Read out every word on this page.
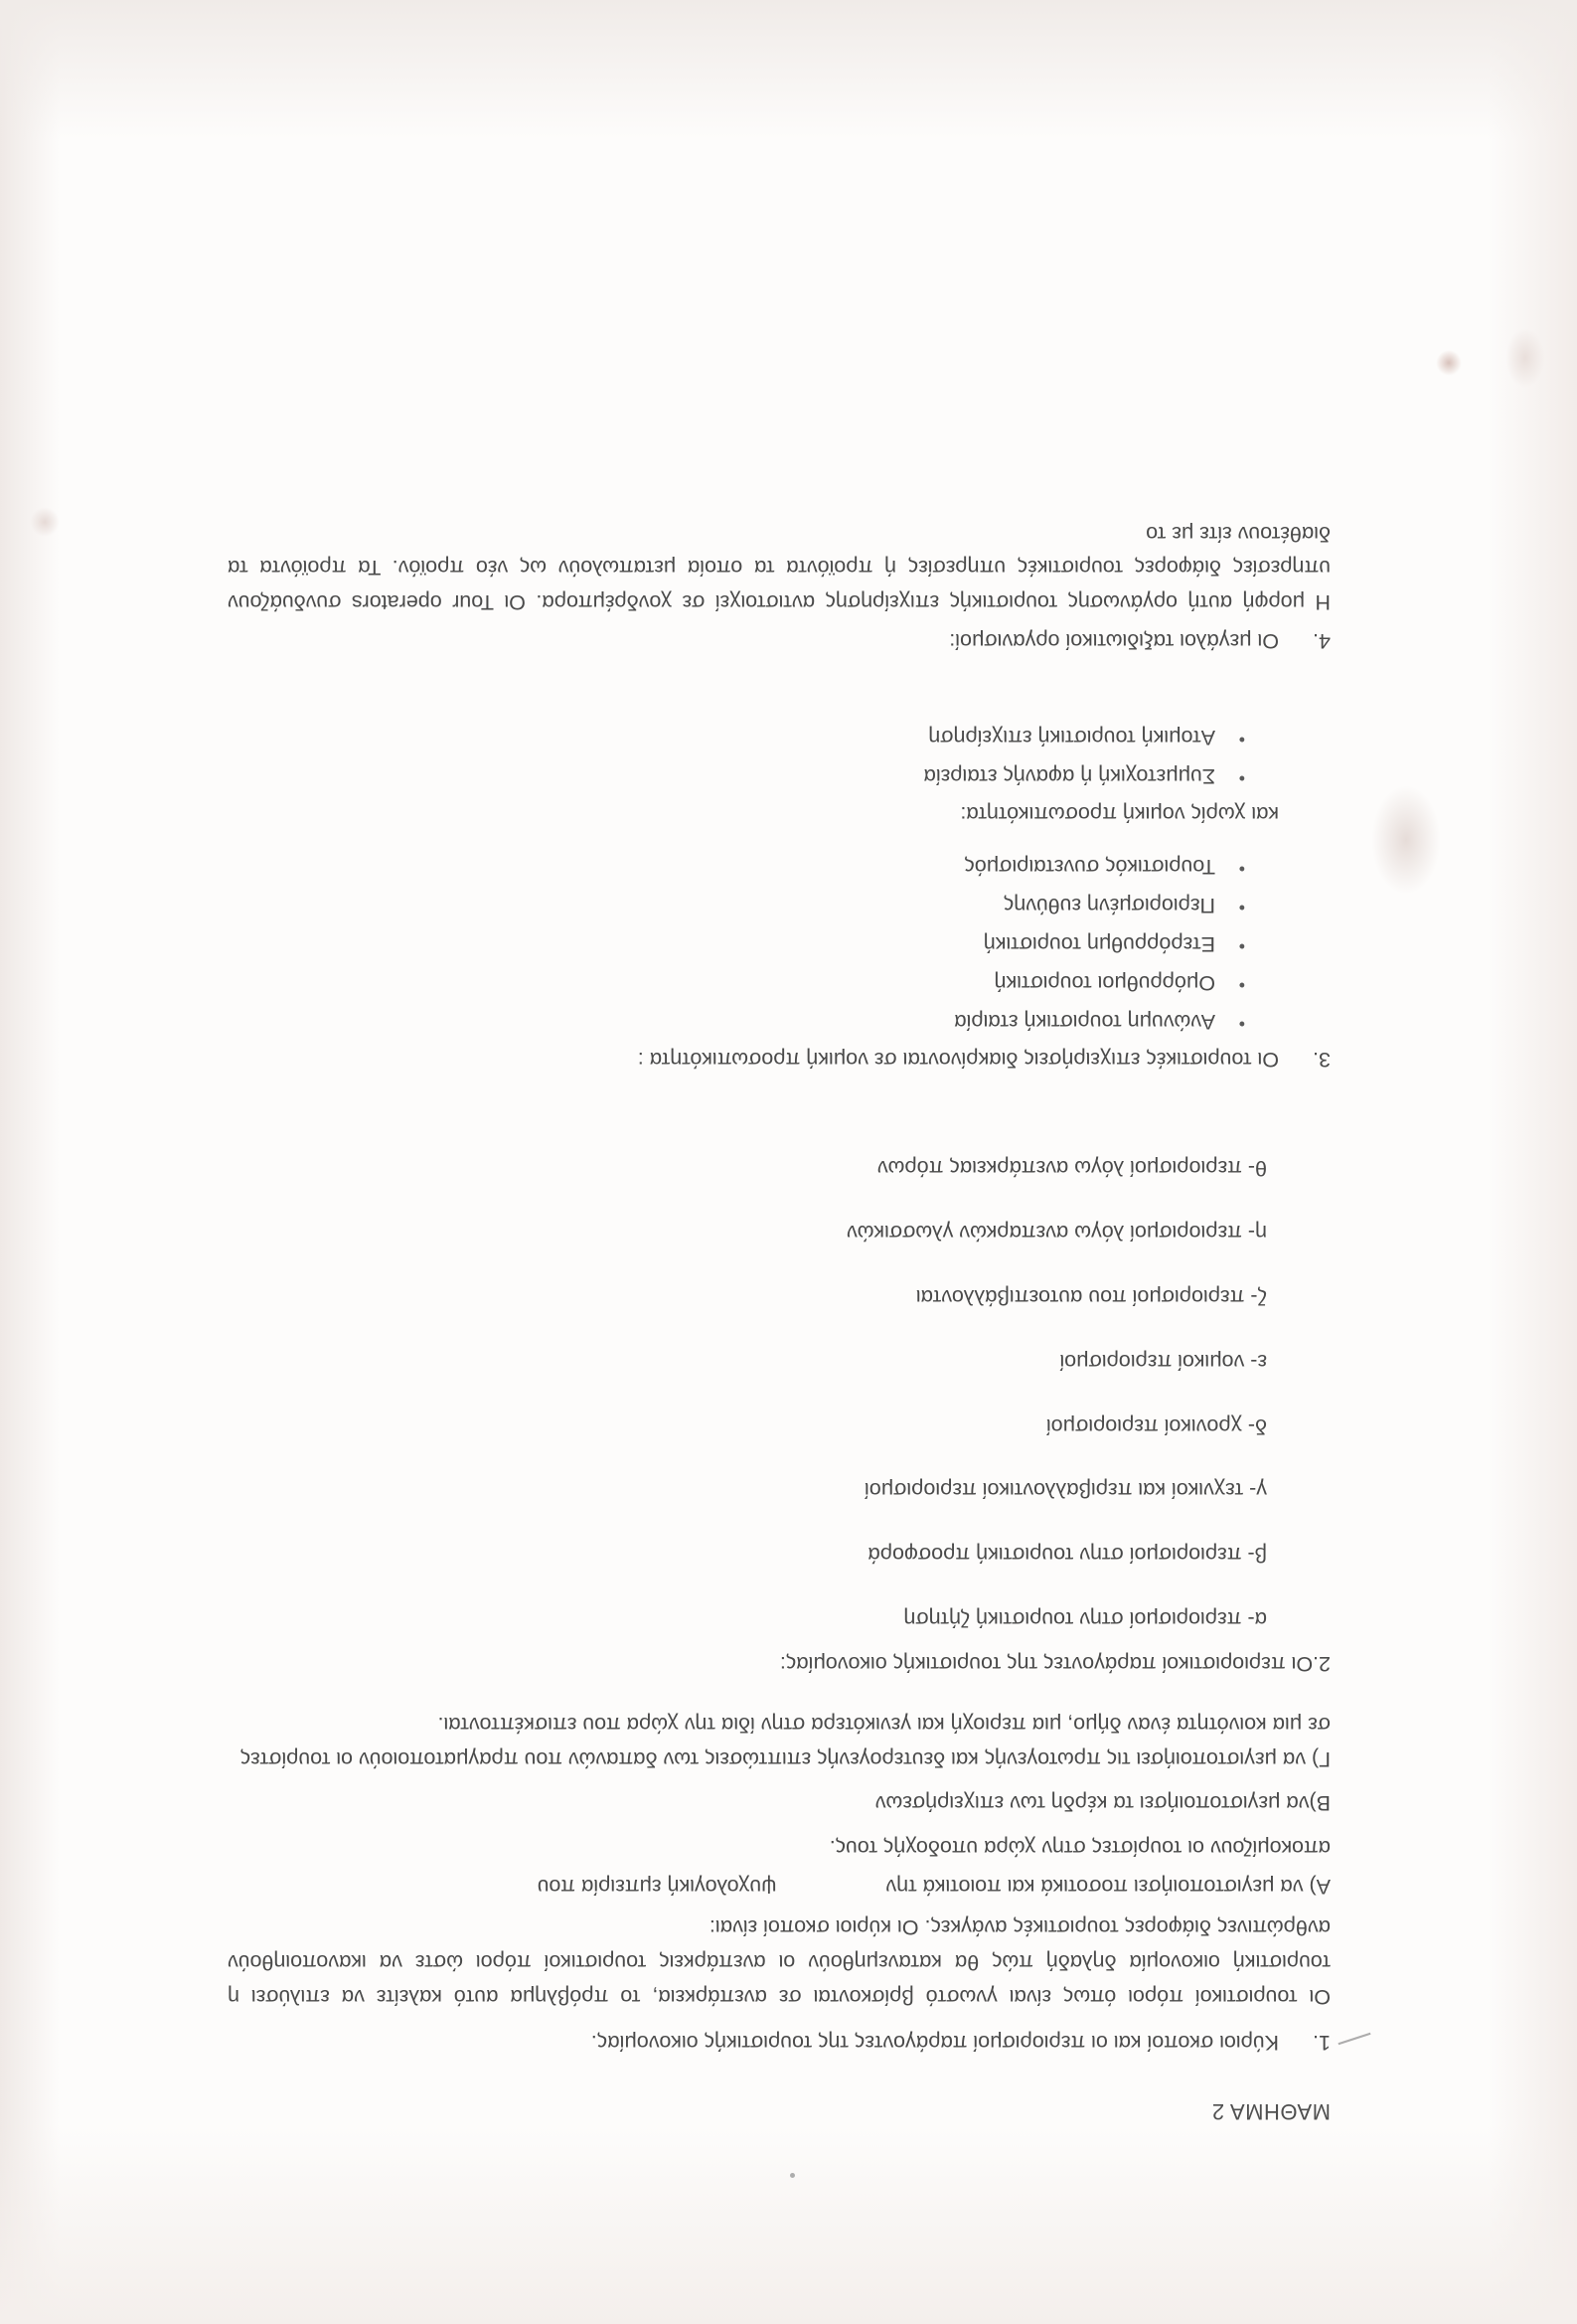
ΜΑΘΗΜΑ 2
1.
Κύριοι σκοποί και οι περιορισμοί παράγοντες της τουριστικής οικονομίας.

Οι τουριστικοί πόροι όπως είναι γνωστό βρίσκονται σε ανεπάρκεια, το πρόβλημα αυτό καλείτε να επιλύσει η τουριστική οικονομία δηλαδή πώς θα κατανεμηθούν οι ανεπάρκεις τουριστικοί πόροι ώστε να ικανοποιηθούν ανθρώπινες διάφορες τουριστικές ανάγκες. Οι κύριοι σκοποί είναι:

Α) να μεγιστοποιήσει ποσοτικά και ποιοτικά την ψυχολογική εμπειρία που

αποκομίζουν οι τουρίστες στην χώρα υποδοχής τους.

Β)να μεγιστοποιήσει τα κέρδη των επιχειρήσεων

Γ) να μεγιστοποιήσει τις πρωτογενής και δευτερογενής επιπτώσεις των δαπανών που πραγματοποιούν οι τουρίστες σε μια κοινότητα έναν δήμο, μια περιοχή και γενικότερα στην ίδια την χώρα που επισκέπτονται.

2.Οι περιοριστικοί παράγοντες της τουριστικής οικονομίας:

α- περιορισμοί στην τουριστική ζήτηση
β- περιορισμοί στην τουριστική προσφορά
γ- τεχνικοί και περιβαλλοντικοί περιορισμοί
δ- χρονικοί περιορισμοί
ε- νομικοί περιορισμοί
ζ- περιορισμοί που αυτοεπιβάλλονται
η- περιορισμοί λόγω ανεπαρκών γλωσσικών
θ- περιορισμοί λόγω ανεπάρκειας πόρων
3.
Οι τουριστικές επιχειρήσεις διακρίνονται σε νομική προσωπικότητα :
•
Ανώνυμη τουριστική εταιρία
•
Ομόρρυθμοι τουριστική
•
Ετερόρρυθμη τουριστική
•
Περιορισμένη ευθύνης
•
Τουριστικός συνεταιρισμός

και χωρίς νομική προσωπικότητα:

•
Συμμετοχική ή αφανής εταιρεία
•
Ατομική τουριστική επιχείρηση
4.
Οι μεγάλοι ταξιδιωτικοί οργανισμοί:

Η μορφή αυτή οργάνωσης τουριστικής επιχείρησης αντιστοιχεί σε χονδρέμπορα. Οι Tour operators συνδυάζουν υπηρεσίες διάφορες τουριστικές υπηρεσίες ή προϊόντα τα οποία μεταπωλούν ως νέο προϊόν. Τα προϊόντα τα διαθέτουν είτε με το
